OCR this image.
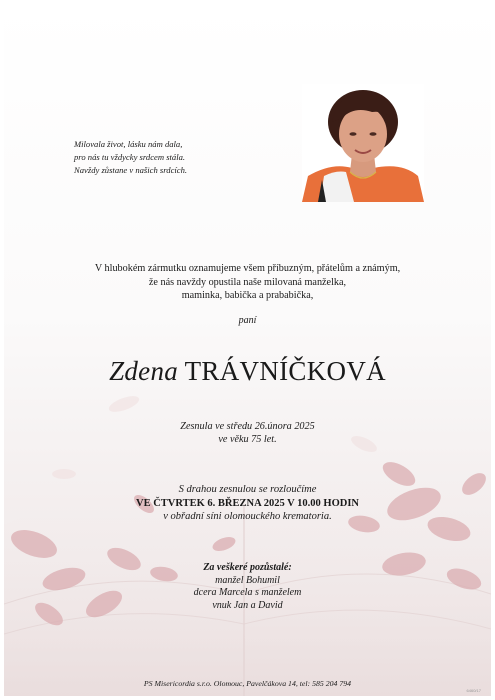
Milovala život, lásku nám dala,
pro nás tu vždycky srdcem stála.
Navždy zůstane v našich srdcích.
V hlubokém zármutku oznamujeme všem příbuzným, přátelům a známým,
že nás navždy opustila naše milovaná manželka,
maminka, babička a prababička,
paní
Zdena TRÁVNÍČKOVÁ
Zesnula ve středu 26.února 2025
ve věku 75 let.
S drahou zesnulou se rozloučíme
VE ČTVRTEK 6. BŘEZNA 2025 V 10.00 HODIN
v obřadní síni olomouckého krematoria.
Za veškeré pozůstalé:
manžel Bohumil
dcera Marcela s manželem
vnuk Jan a David
PS Misericordia s.r.o. Olomouc, Pavelčákova 14, tel: 585 204 794
6460/17
